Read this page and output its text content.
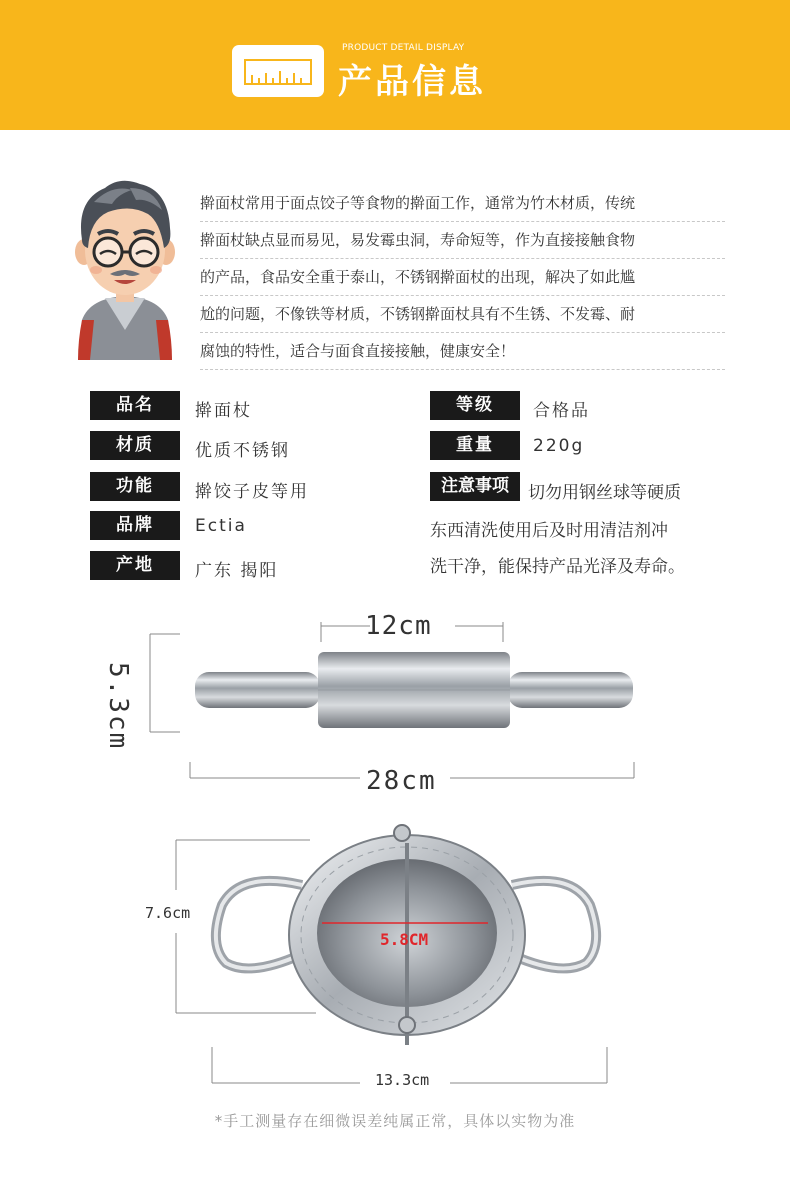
PRODUCT DETAIL DISPLAY
产品信息
擀面杖常用于面点饺子等食物的擀面工作，通常为竹木材质，传统
擀面杖缺点显而易见，易发霉虫洞，寿命短等，作为直接接触食物
的产品，食品安全重于泰山，不锈钢擀面杖的出现，解决了如此尴
尬的问题，不像铁等材质，不锈钢擀面杖具有不生锈、不发霉、耐
腐蚀的特性，适合与面食直接接触，健康安全！
品名	擀面杖
材质	优质不锈钢
功能	擀饺子皮等用
品牌	Ectia
产地	广东 揭阳
等级	合格品
重量	220g
注意事项	切勿用钢丝球等硬质
东西清洗使用后及时用清洁剂冲
洗干净，能保持产品光泽及寿命。
12cm
5.3cm
28cm
7.6cm
5.8CM
13.3cm
*手工测量存在细微误差纯属正常，具体以实物为准
